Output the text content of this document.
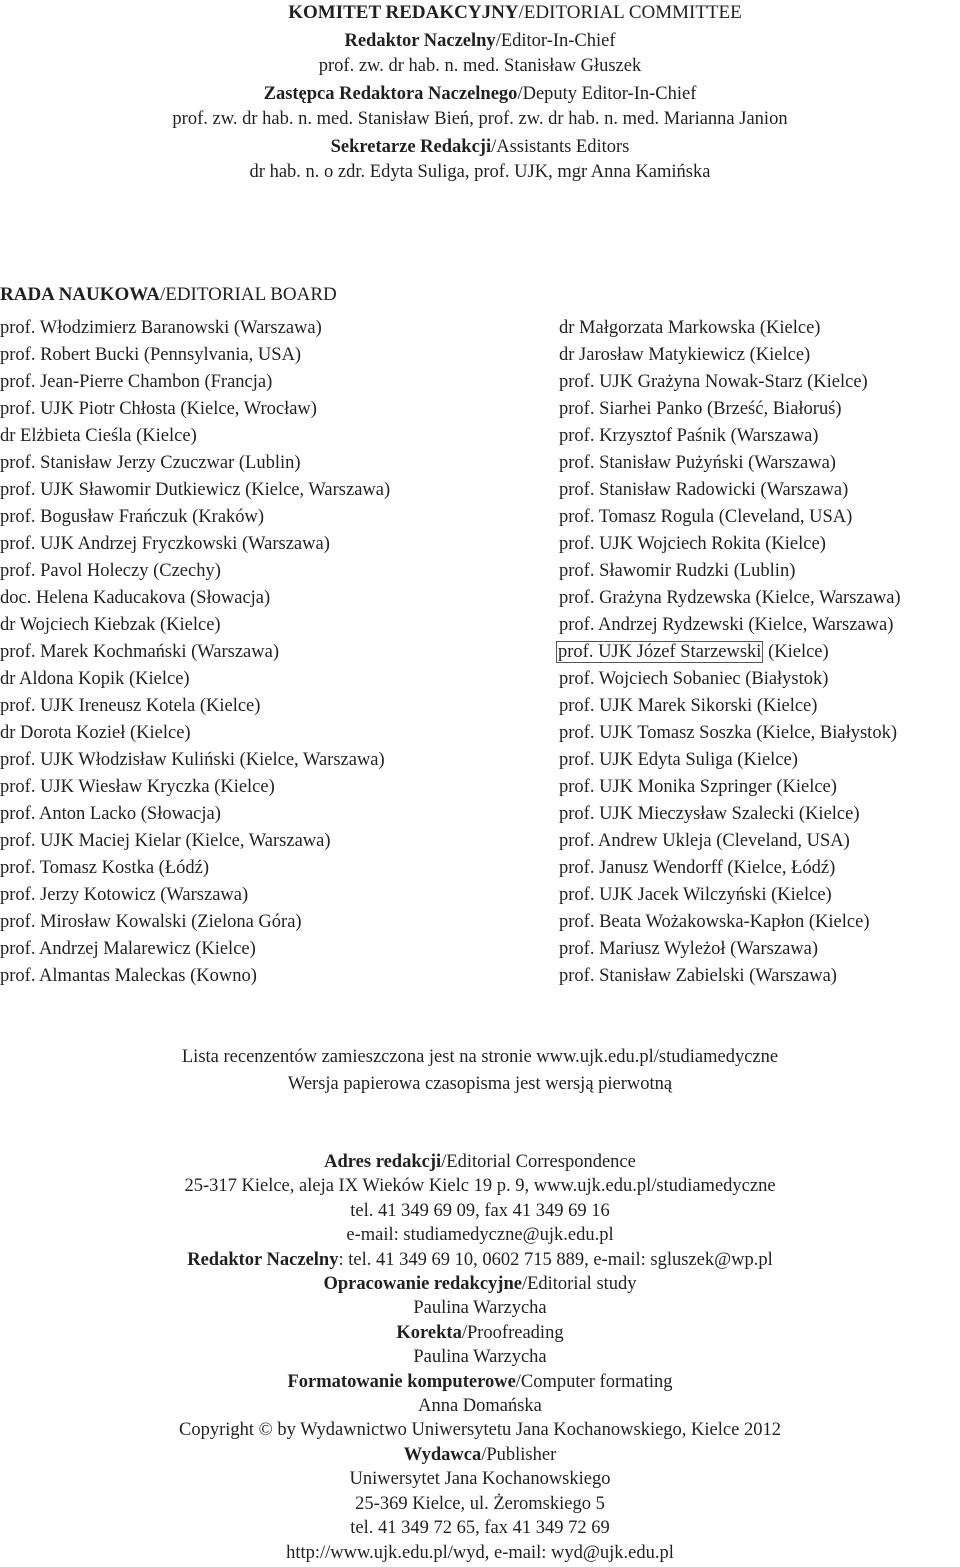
KOMITET REDAKCYJNY/EDITORIAL COMMITTEE
Redaktor Naczelny/Editor-In-Chief
prof. zw. dr hab. n. med. Stanisław Głuszek
Zastępca Redaktora Naczelnego/Deputy Editor-In-Chief
prof. zw. dr hab. n. med. Stanisław Bień, prof. zw. dr hab. n. med. Marianna Janion
Sekretarze Redakcji/Assistants Editors
dr hab. n. o zdr. Edyta Suliga, prof. UJK, mgr Anna Kamińska
RADA NAUKOWA/EDITORIAL BOARD
prof. Włodzimierz Baranowski (Warszawa)
prof. Robert Bucki (Pennsylvania, USA)
prof. Jean-Pierre Chambon (Francja)
prof. UJK Piotr Chłosta (Kielce, Wrocław)
dr Elżbieta Cieśla (Kielce)
prof. Stanisław Jerzy Czuczwar (Lublin)
prof. UJK Sławomir Dutkiewicz (Kielce, Warszawa)
prof. Bogusław Frańczuk (Kraków)
prof. UJK Andrzej Fryczkowski (Warszawa)
prof. Pavol Holeczy (Czechy)
doc. Helena Kaducakova (Słowacja)
dr Wojciech Kiebzak (Kielce)
prof. Marek Kochmański (Warszawa)
dr Aldona Kopik (Kielce)
prof. UJK Ireneusz Kotela (Kielce)
dr Dorota Kozieł (Kielce)
prof. UJK Włodzisław Kuliński (Kielce, Warszawa)
prof. UJK Wiesław Kryczka (Kielce)
prof. Anton Lacko (Słowacja)
prof. UJK Maciej Kielar (Kielce, Warszawa)
prof. Tomasz Kostka (Łódź)
prof. Jerzy Kotowicz (Warszawa)
prof. Mirosław Kowalski (Zielona Góra)
prof. Andrzej Malarewicz (Kielce)
prof. Almantas Maleckas (Kowno)
dr Małgorzata Markowska (Kielce)
dr Jarosław Matykiewicz (Kielce)
prof. UJK Grażyna Nowak-Starz (Kielce)
prof. Siarhei Panko (Brześć, Białoruś)
prof. Krzysztof Paśnik (Warszawa)
prof. Stanisław Pużyński (Warszawa)
prof. Stanisław Radowicki (Warszawa)
prof. Tomasz Rogula (Cleveland, USA)
prof. UJK Wojciech Rokita (Kielce)
prof. Sławomir Rudzki (Lublin)
prof. Grażyna Rydzewska (Kielce, Warszawa)
prof. Andrzej Rydzewski (Kielce, Warszawa)
prof. UJK Józef Starzewski (Kielce)
prof. Wojciech Sobaniec (Białystok)
prof. UJK Marek Sikorski (Kielce)
prof. UJK Tomasz Soszka (Kielce, Białystok)
prof. UJK Edyta Suliga (Kielce)
prof. UJK Monika Szpringer (Kielce)
prof. UJK Mieczysław Szalecki (Kielce)
prof. Andrew Ukleja (Cleveland, USA)
prof. Janusz Wendorff (Kielce, Łódź)
prof. UJK Jacek Wilczyński (Kielce)
prof. Beata Wożakowska-Kapłon (Kielce)
prof. Mariusz Wyleżoł (Warszawa)
prof. Stanisław Zabielski (Warszawa)
Lista recenzentów zamieszczona jest na stronie www.ujk.edu.pl/studiamedyczne
Wersja papierowa czasopisma jest wersją pierwotną
Adres redakcji/Editorial Correspondence
25-317 Kielce, aleja IX Wieków Kielc 19 p. 9, www.ujk.edu.pl/studiamedyczne
tel. 41 349 69 09, fax 41 349 69 16
e-mail: studiamedyczne@ujk.edu.pl
Redaktor Naczelny: tel. 41 349 69 10, 0602 715 889, e-mail: sgluszek@wp.pl
Opracowanie redakcyjne/Editorial study
Paulina Warzycha
Korekta/Proofreading
Paulina Warzycha
Formatowanie komputerowe/Computer formating
Anna Domańska
Copyright © by Wydawnictwo Uniwersytetu Jana Kochanowskiego, Kielce 2012
Wydawca/Publisher
Uniwersytet Jana Kochanowskiego
25-369 Kielce, ul. Żeromskiego 5
tel. 41 349 72 65, fax 41 349 72 69
http://www.ujk.edu.pl/wyd, e-mail: wyd@ujk.edu.pl
